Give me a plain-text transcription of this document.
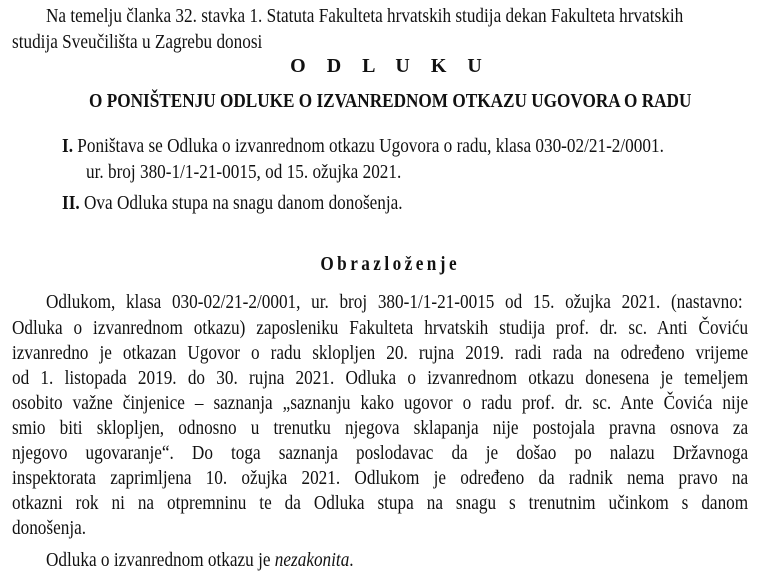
Na temelju članka 32. stavka 1. Statuta Fakulteta hrvatskih studija dekan Fakulteta hrvatskih
studija Sveučilišta u Zagrebu donosi
O D L U K U
O PONIŠTENJU ODLUKE O IZVANREDNOM OTKAZU UGOVORA O RADU
I. Poništava se Odluka o izvanrednom otkazu Ugovora o radu, klasa 030-02/21-2/0001.
ur. broj 380-1/1-21-0015, od 15. ožujka 2021.
II. Ova Odluka stupa na snagu danom donošenja.
Obrazloženje
Odlukom, klasa 030-02/21-2/0001, ur. broj 380-1/1-21-0015 od 15. ožujka 2021. (nastavno:
Odluka o izvanrednom otkazu) zaposleniku Fakulteta hrvatskih studija prof. dr. sc. Anti Čoviću
izvanredno je otkazan Ugovor o radu sklopljen 20. rujna 2019. radi rada na određeno vrijeme
od 1. listopada 2019. do 30. rujna 2021. Odluka o izvanrednom otkazu donesena je temeljem
osobito važne činjenice – saznanja „saznanju kako ugovor o radu prof. dr. sc. Ante Čovića nije
smio biti sklopljen, odnosno u trenutku njegova sklapanja nije postojala pravna osnova za
njegovo ugovaranje“. Do toga saznanja poslodavac da je došao po nalazu Državnoga
inspektorata zaprimljena 10. ožujka 2021. Odlukom je određeno da radnik nema pravo na
otkazni rok ni na otpremninu te da Odluka stupa na snagu s trenutnim učinkom s danom
donošenja.
Odluka o izvanrednom otkazu je nezakonita.
